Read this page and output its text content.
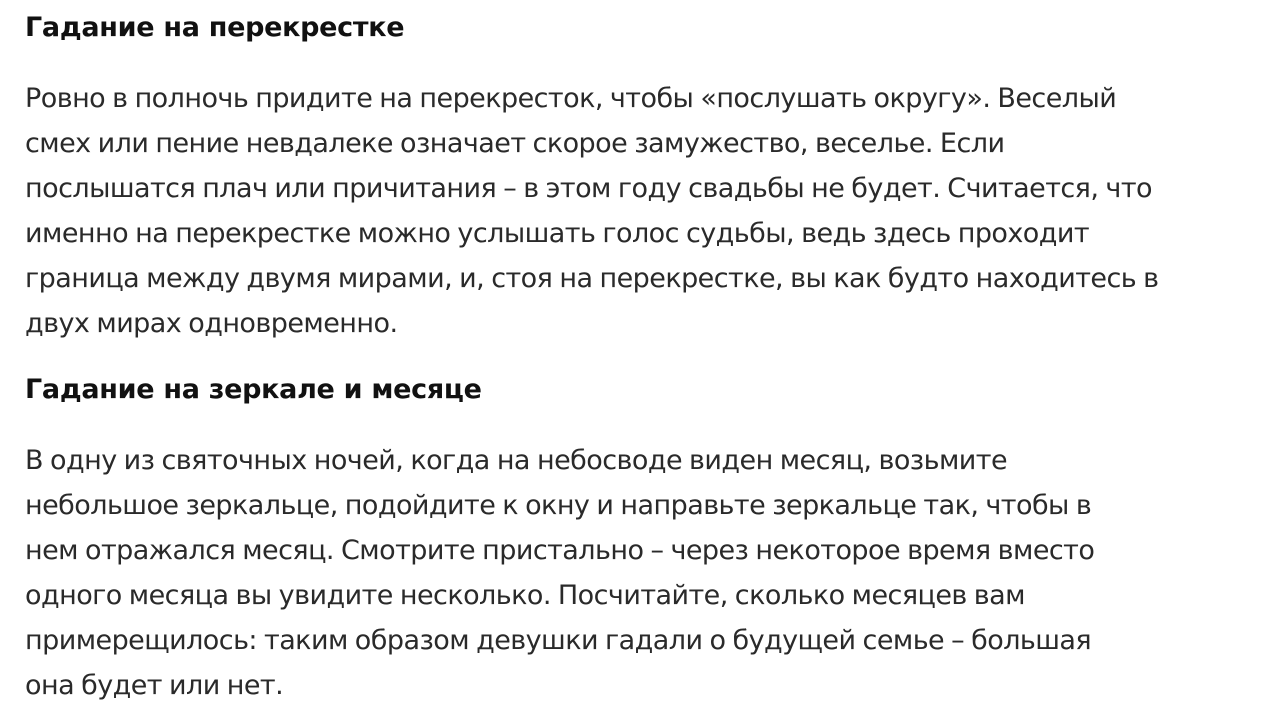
Гадание на перекрестке

Ровно в полночь придите на перекресток, чтобы «послушать округу». Веселый
смех или пение невдалеке означает скорое замужество, веселье. Если
послышатся плач или причитания – в этом году свадьбы не будет. Считается, что
именно на перекрестке можно услышать голос судьбы, ведь здесь проходит
граница между двумя мирами, и, стоя на перекрестке, вы как будто находитесь в
двух мирах одновременно.

Гадание на зеркале и месяце

В одну из святочных ночей, когда на небосводе виден месяц, возьмите
небольшое зеркальце, подойдите к окну и направьте зеркальце так, чтобы в
нем отражался месяц. Смотрите пристально – через некоторое время вместо
одного месяца вы увидите несколько. Посчитайте, сколько месяцев вам
примерещилось: таким образом девушки гадали о будущей семье – большая
она будет или нет.
